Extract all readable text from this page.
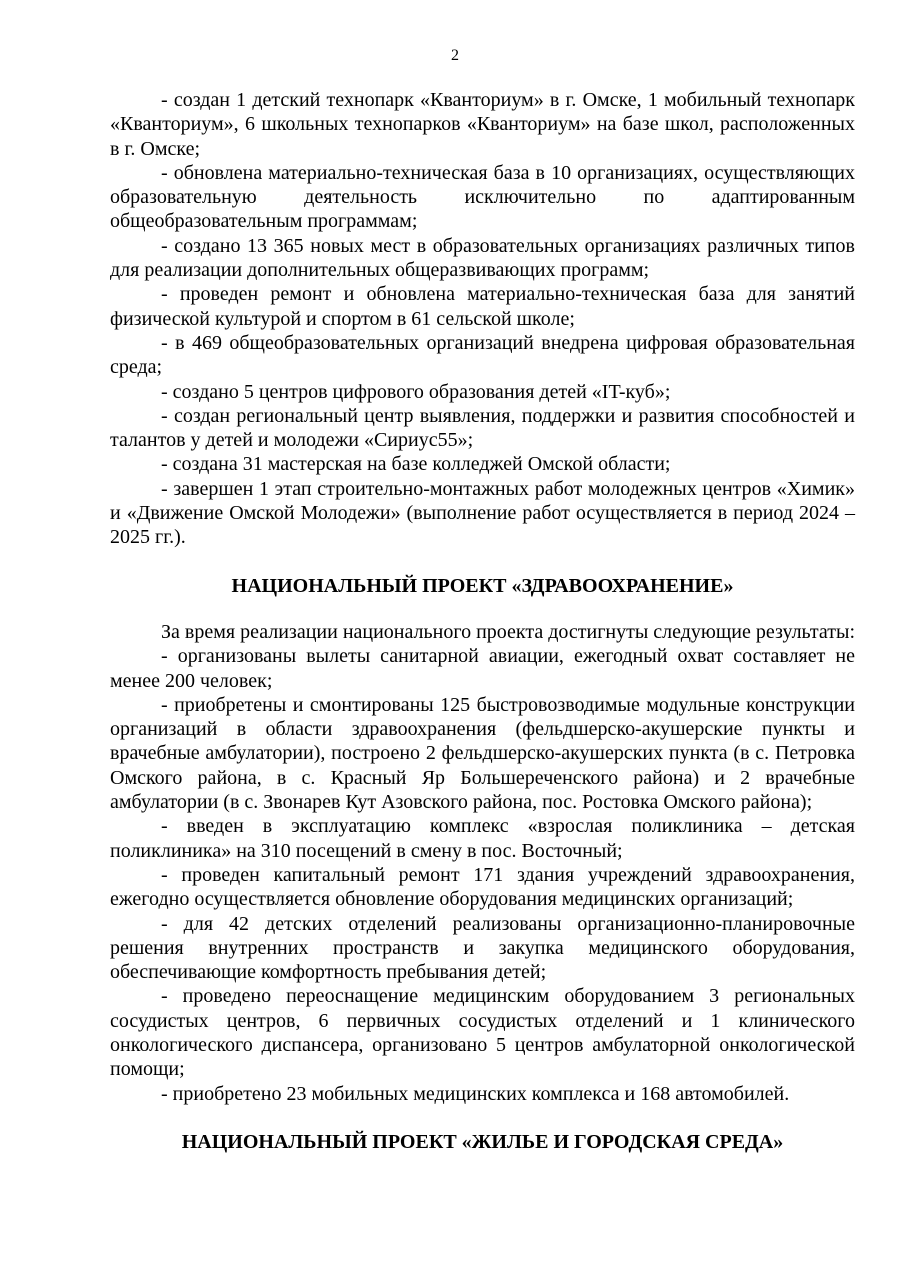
2

- создан 1 детский технопарк «Кванториум» в г. Омске, 1 мобильный технопарк «Кванториум», 6 школьных технопарков «Кванториум» на базе школ, расположенных в г. Омске;

- обновлена материально-техническая база в 10 организациях, осуществляющих образовательную деятельность исключительно по адаптированным общеобразовательным программам;

- создано 13 365 новых мест в образовательных организациях различных типов для реализации дополнительных общеразвивающих программ;

- проведен ремонт и обновлена материально-техническая база для занятий физической культурой и спортом в 61 сельской школе;

- в 469 общеобразовательных организаций внедрена цифровая образовательная среда;

- создано 5 центров цифрового образования детей «IT-куб»;

- создан региональный центр выявления, поддержки и развития способностей и талантов у детей и молодежи «Сириус55»;

- создана 31 мастерская на базе колледжей Омской области;

- завершен 1 этап строительно-монтажных работ молодежных центров «Химик» и «Движение Омской Молодежи» (выполнение работ осуществляется в период 2024 – 2025 гг.).

НАЦИОНАЛЬНЫЙ ПРОЕКТ «ЗДРАВООХРАНЕНИЕ»

За время реализации национального проекта достигнуты следующие результаты:

- организованы вылеты санитарной авиации, ежегодный охват составляет не менее 200 человек;

- приобретены и смонтированы 125 быстровозводимые модульные конструкции организаций в области здравоохранения (фельдшерско-акушерские пункты и врачебные амбулатории), построено 2 фельдшерско-акушерских пункта (в с. Петровка Омского района, в с. Красный Яр Большереченского района) и 2 врачебные амбулатории (в с. Звонарев Кут Азовского района, пос. Ростовка Омского района);

- введен в эксплуатацию комплекс «взрослая поликлиника – детская поликлиника» на 310 посещений в смену в пос. Восточный;

- проведен капитальный ремонт 171 здания учреждений здравоохранения, ежегодно осуществляется обновление оборудования медицинских организаций;

- для 42 детских отделений реализованы организационно-планировочные решения внутренних пространств и закупка медицинского оборудования, обеспечивающие комфортность пребывания детей;

- проведено переоснащение медицинским оборудованием 3 региональных сосудистых центров, 6 первичных сосудистых отделений и 1 клинического онкологического диспансера, организовано 5 центров амбулаторной онкологической помощи;

- приобретено 23 мобильных медицинских комплекса и 168 автомобилей.

НАЦИОНАЛЬНЫЙ ПРОЕКТ «ЖИЛЬЕ И ГОРОДСКАЯ СРЕДА»
